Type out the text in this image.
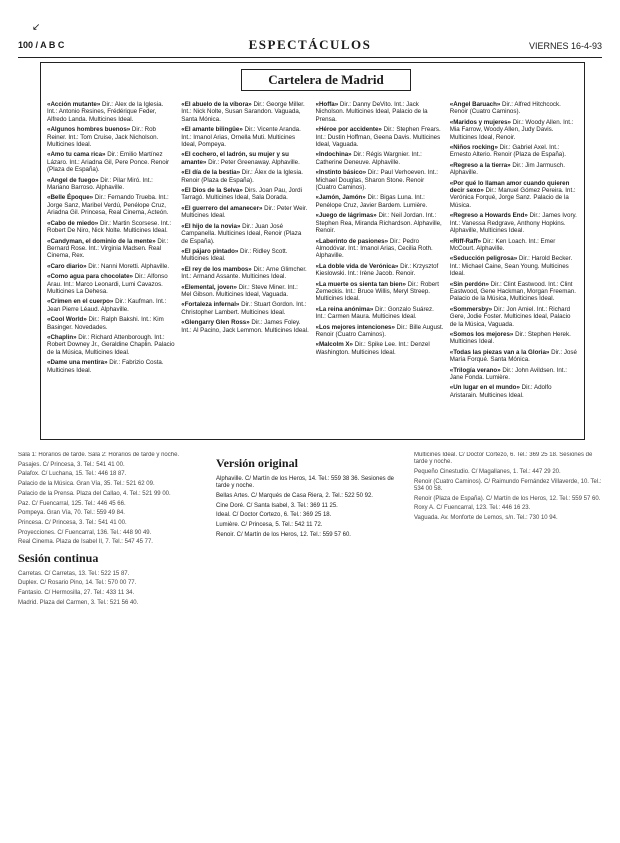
↙
100 / A B C	ESPECTÁCULOS	VIERNES 16-4-93
Cartelera de Madrid
«Acción mutante» Dir.: Álex de la Iglesia. Int.: Antonio Resines, Frédérique Feder, Alfredo Landa. Multicines Ideal.
«Algunos hombres buenos» Dir.: Rob Reiner. Int.: Tom Cruise, Jack Nicholson. Multicines Ideal.
«Amo tu cama rica» Dir.: Emilio Martínez Lázaro. Int.: Ariadna Gil, Pere Ponce. Renoir (Plaza de España).
«Angel de fuego» Dir.: Pilar Miró. Int.: Mariano Barroso. Alphaville.
«Belle Époque» Dir.: Fernando Trueba. Int.: Jorge Sanz, Maribel Verdú, Penélope Cruz, Ariadna Gil. Princesa, Real Cinema, Acteón.
«Cabo de miedo» Dir.: Martin Scorsese. Int.: Robert De Niro, Nick Nolte. Multicines Ideal.
«Candyman, el dominio de la mente» Dir.: Bernard Rose. Int.: Virginia Madsen. Real Cinema, Rex.
«Caro diario» Dir.: Nanni Moretti. Alphaville.
«Como agua para chocolate» Dir.: Alfonso Arau. Int.: Marco Leonardi, Lumi Cavazos. Multicines La Dehesa.
«Crimen en el cuerpo» Dir.: Kaufman. Int.: Jean Pierre Léaud. Alphaville.
«Cool World» Dir.: Ralph Bakshi. Int.: Kim Basinger. Novedades.
«Chaplin» Dir.: Richard Attenborough. Int.: Robert Downey Jr., Geraldine Chaplin. Palacio de la Música, Multicines Ideal.
«Dame una mentira» Dir.: Fabrizio Costa. Multicines Ideal.
«El abuelo de la víbora» Dir.: George Miller. Int.: Nick Nolte, Susan Sarandon. Vaguada, Santa Mónica.
«El amante bilingüe» Dir.: Vicente Aranda. Int.: Imanol Arias, Ornella Muti. Multicines Ideal, Pompeya.
«El cochero, el ladrón, su mujer y su amante» Dir.: Peter Greenaway. Alphaville.
«El día de la bestia» Dir.: Álex de la Iglesia. Renoir (Plaza de España).
«El Dios de la Selva» Dirs. Joan Pau, Jordi Tarragó. Multicines Ideal, Sala Dorada.
«El guerrero del amanecer» Dir.: Peter Weir. Multicines Ideal.
«El hijo de la novia» Dir.: Juan José Campanella. Multicines Ideal, Renoir (Plaza de España).
«El pájaro pintado» Dir.: Ridley Scott. Multicines Ideal.
«El rey de los mambos» Dir.: Arne Glimcher. Int.: Armand Assante. Multicines Ideal.
«Elemental, joven» Dir.: Steve Miner. Int.: Mel Gibson. Multicines Ideal, Vaguada.
«Fortaleza infernal» Dir.: Stuart Gordon. Int.: Christopher Lambert. Multicines Ideal.
«Glengarry Glen Ross» Dir.: James Foley. Int.: Al Pacino, Jack Lemmon. Multicines Ideal.
«Hoffa» Dir.: Danny DeVito. Int.: Jack Nicholson. Multicines Ideal, Palacio de la Prensa.
«Héroe por accidente» Dir.: Stephen Frears. Int.: Dustin Hoffman, Geena Davis. Multicines Ideal, Vaguada.
«Indochina» Dir.: Régis Wargnier. Int.: Catherine Deneuve. Alphaville.
«Instinto básico» Dir.: Paul Verhoeven. Int.: Michael Douglas, Sharon Stone. Renoir (Cuatro Caminos).
«Jamón, Jamón» Dir.: Bigas Luna. Int.: Penélope Cruz, Javier Bardem. Lumière.
«Juego de lágrimas» Dir.: Neil Jordan. Int.: Stephen Rea, Miranda Richardson. Alphaville, Renoir.
«Laberinto de pasiones» Dir.: Pedro Almodóvar. Int.: Imanol Arias, Cecilia Roth. Alphaville.
«La doble vida de Verónica» Dir.: Krzysztof Kieslowski. Int.: Irène Jacob. Renoir.
«La muerte os sienta tan bien» Dir.: Robert Zemeckis. Int.: Bruce Willis, Meryl Streep. Multicines Ideal.
«La reina anónima» Dir.: Gonzalo Suárez. Int.: Carmen Maura. Multicines Ideal.
«Los mejores intenciones» Dir.: Bille August. Renoir (Cuatro Caminos).
«Malcolm X» Dir.: Spike Lee. Int.: Denzel Washington. Multicines Ideal.
«Ángel Baruach» Dir.: Alfred Hitchcock. Renoir (Cuatro Caminos).
«Maridos y mujeres» Dir.: Woody Allen. Int.: Mia Farrow, Woody Allen, Judy Davis. Multicines Ideal, Renoir.
«Niños rocking» Dir.: Gabriel Axel. Int.: Ernesto Alterio. Renoir (Plaza de España).
«Regreso a la tierra» Dir.: Jim Jarmusch. Alphaville.
«Por qué lo llaman amor cuando quieren decir sexo» Dir.: Manuel Gómez Pereira. Int.: Verónica Forqué, Jorge Sanz. Palacio de la Música.
«Regreso a Howards End» Dir.: James Ivory. Int.: Vanessa Redgrave, Anthony Hopkins. Alphaville, Multicines Ideal.
«Riff-Raff» Dir.: Ken Loach. Int.: Emer McCourt. Alphaville.
«Seducción peligrosa» Dir.: Harold Becker. Int.: Michael Caine, Sean Young. Multicines Ideal.
«Sin perdón» Dir.: Clint Eastwood. Int.: Clint Eastwood, Gene Hackman, Morgan Freeman. Palacio de la Música, Multicines Ideal.
«Sommersby» Dir.: Jon Amiel. Int.: Richard Gere, Jodie Foster. Multicines Ideal, Palacio de la Música, Vaguada.
«Somos los mejores» Dir.: Stephen Herek. Multicines Ideal.
«Todas las piezas van a la Gloria» Dir.: José María Forqué. Santa Mónica.
«Trilogía verano» Dir.: John Avildsen. Int.: Jane Fonda. Lumière.
«Un lugar en el mundo» Dir.: Adolfo Aristarain. Multicines Ideal.
Sala 1: Horarios de tarde. Sala 2: Horarios de tarde y noche.
Pasajes. C/ Princesa, 3. Tel.: 541 41 00.
Palafox. C/ Luchana, 15. Tel.: 446 18 87.
Palacio de la Música. Gran Vía, 35. Tel.: 521 62 09.
Palacio de la Prensa. Plaza del Callao, 4. Tel.: 521 99 00.
Paz. C/ Fuencarral, 125. Tel.: 446 45 66.
Pompeya. Gran Vía, 70. Tel.: 559 49 84.
Princesa. C/ Princesa, 3. Tel.: 541 41 00.
Proyecciones. C/ Fuencarral, 136. Tel.: 448 90 49.
Real Cinema. Plaza de Isabel II, 7. Tel.: 547 45 77.
Sesión continua
Carretas. C/ Carretas, 13. Tel.: 522 15 87.
Duplex. C/ Rosario Pino, 14. Tel.: 570 00 77.
Fantasio. C/ Hermosilla, 27. Tel.: 433 11 34.
Madrid. Plaza del Carmen, 3. Tel.: 521 56 40.
Versión original
Alphaville. C/ Martín de los Heros, 14. Tel.: 559 38 36. Sesiones de tarde y noche.
Bellas Artes. C/ Marqués de Casa Riera, 2. Tel.: 522 50 92.
Cine Doré. C/ Santa Isabel, 3. Tel.: 369 11 25.
Ideal. C/ Doctor Cortezo, 6. Tel.: 369 25 18.
Lumière. C/ Princesa, 5. Tel.: 542 11 72.
Renoir. C/ Martín de los Heros, 12. Tel.: 559 57 60.
Multicines Ideal. C/ Doctor Cortezo, 6. Tel.: 369 25 18. Sesiones de tarde y noche.
Pequeño Cinestudio. C/ Magallanes, 1. Tel.: 447 29 20.
Renoir (Cuatro Caminos). C/ Raimundo Fernández Villaverde, 10. Tel.: 534 00 58.
Renoir (Plaza de España). C/ Martín de los Heros, 12. Tel.: 559 57 60.
Roxy A. C/ Fuencarral, 123. Tel.: 446 16 23.
Vaguada. Av. Monforte de Lemos, s/n. Tel.: 730 10 94.
